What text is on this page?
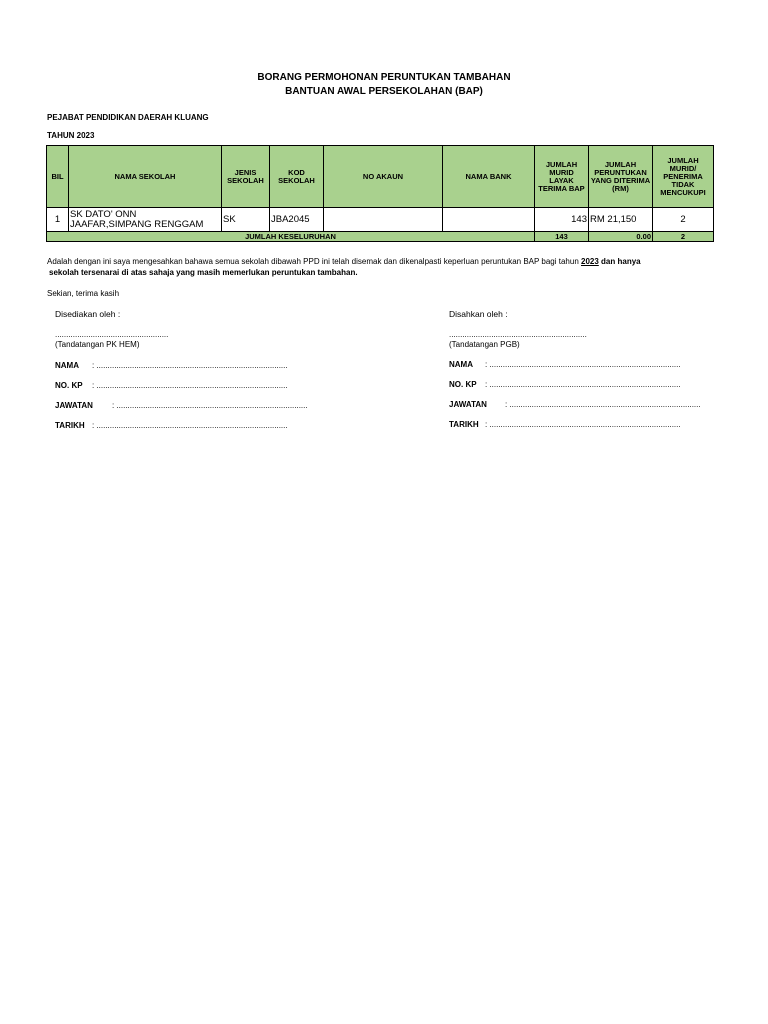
BORANG PERMOHONAN PERUNTUKAN TAMBAHAN
BANTUAN AWAL PERSEKOLAHAN (BAP)
PEJABAT PENDIDIKAN DAERAH KLUANG
TAHUN 2023
BIL	NAMA SEKOLAH	JENIS SEKOLAH	KOD SEKOLAH	NO AKAUN	NAMA BANK	JUMLAH MURID LAYAK TERIMA BAP	JUMLAH PERUNTUKAN YANG DITERIMA (RM)	JUMLAH MURID/ PENERIMA TIDAK MENCUKUPI
1	SK DATO' ONN JAAFAR,SIMPANG RENGGAM	SK	JBA2045			143	RM 21,150	2
JUMLAH KESELURUHAN						143	0.00	2
Adalah dengan ini saya mengesahkan bahawa semua sekolah dibawah PPD ini telah disemak dan dikenalpasti keperluan peruntukan BAP bagi tahun 2023 dan hanya
sekolah tersenarai di atas sahaja yang masih memerlukan peruntukan tambahan.
Sekian, terima kasih
Disediakan oleh :
...................................................
(Tandatangan PK HEM)
NAMA : ......................................................................................
NO. KP : ......................................................................................
JAWATAN : ......................................................................................
TARIKH : ......................................................................................
Disahkan oleh :
..............................................................
(Tandatangan PGB)
NAMA : ......................................................................................
NO. KP : ......................................................................................
JAWATAN : ......................................................................................
TARIKH : ......................................................................................
